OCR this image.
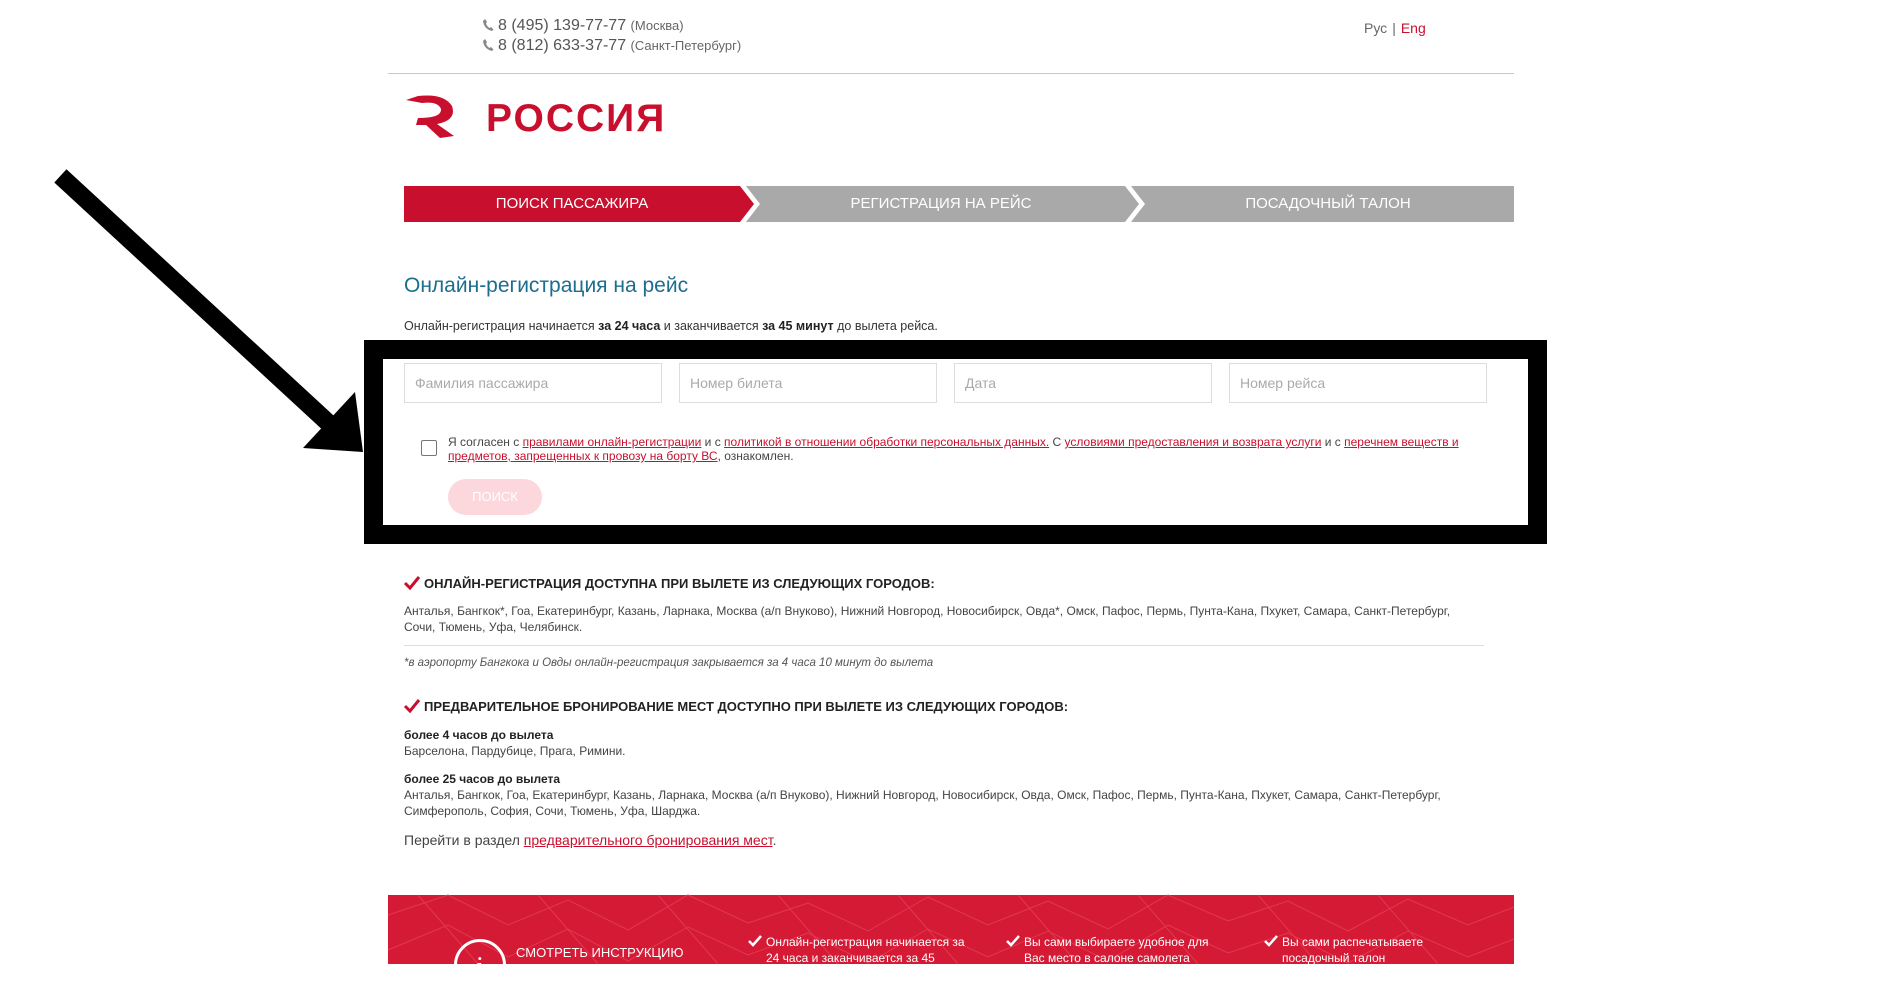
8 (495) 139-77-77 (Москва)
8 (812) 633-37-77 (Санкт-Петербург)
Рус | Eng
РОССИЯ
ПОИСК ПАССАЖИРА	РЕГИСТРАЦИЯ НА РЕЙС	ПОСАДОЧНЫЙ ТАЛОН
Онлайн-регистрация на рейс
Онлайн-регистрация начинается за 24 часа и заканчивается за 45 минут до вылета рейса.
Фамилия пассажира
Номер билета
Дата
Номер рейса
Я согласен с правилами онлайн-регистрации и с политикой в отношении обработки персональных данных. С условиями предоставления и возврата услуги и с перечнем веществ и предметов, запрещенных к провозу на борту ВС, ознакомлен.
ПОИСК
ОНЛАЙН-РЕГИСТРАЦИЯ ДОСТУПНА ПРИ ВЫЛЕТЕ ИЗ СЛЕДУЮЩИХ ГОРОДОВ:
Анталья, Бангкок*, Гоа, Екатеринбург, Казань, Ларнака, Москва (а/п Внуково), Нижний Новгород, Новосибирск, Овда*, Омск, Пафос, Пермь, Пунта-Кана, Пхукет, Самара, Санкт-Петербург, Сочи, Тюмень, Уфа, Челябинск.
*в аэропорту Бангкока и Овды онлайн-регистрация закрывается за 4 часа 10 минут до вылета
ПРЕДВАРИТЕЛЬНОЕ БРОНИРОВАНИЕ МЕСТ ДОСТУПНО ПРИ ВЫЛЕТЕ ИЗ СЛЕДУЮЩИХ ГОРОДОВ:
более 4 часов до вылета
Барселона, Пардубице, Прага, Римини.
более 25 часов до вылета
Анталья, Бангкок, Гоа, Екатеринбург, Казань, Ларнака, Москва (а/п Внуково), Нижний Новгород, Новосибирск, Овда, Омск, Пафос, Пермь, Пунта-Кана, Пхукет, Самара, Санкт-Петербург, Симферополь, София, Сочи, Тюмень, Уфа, Шарджа.
Перейти в раздел предварительного бронирования мест.
i	СМОТРЕТЬ ИНСТРУКЦИЮ
Онлайн-регистрация начинается за 24 часа и заканчивается за 45 минут
Вы сами выбираете удобное для Вас место в салоне самолета
Вы сами распечатываете посадочный талон
